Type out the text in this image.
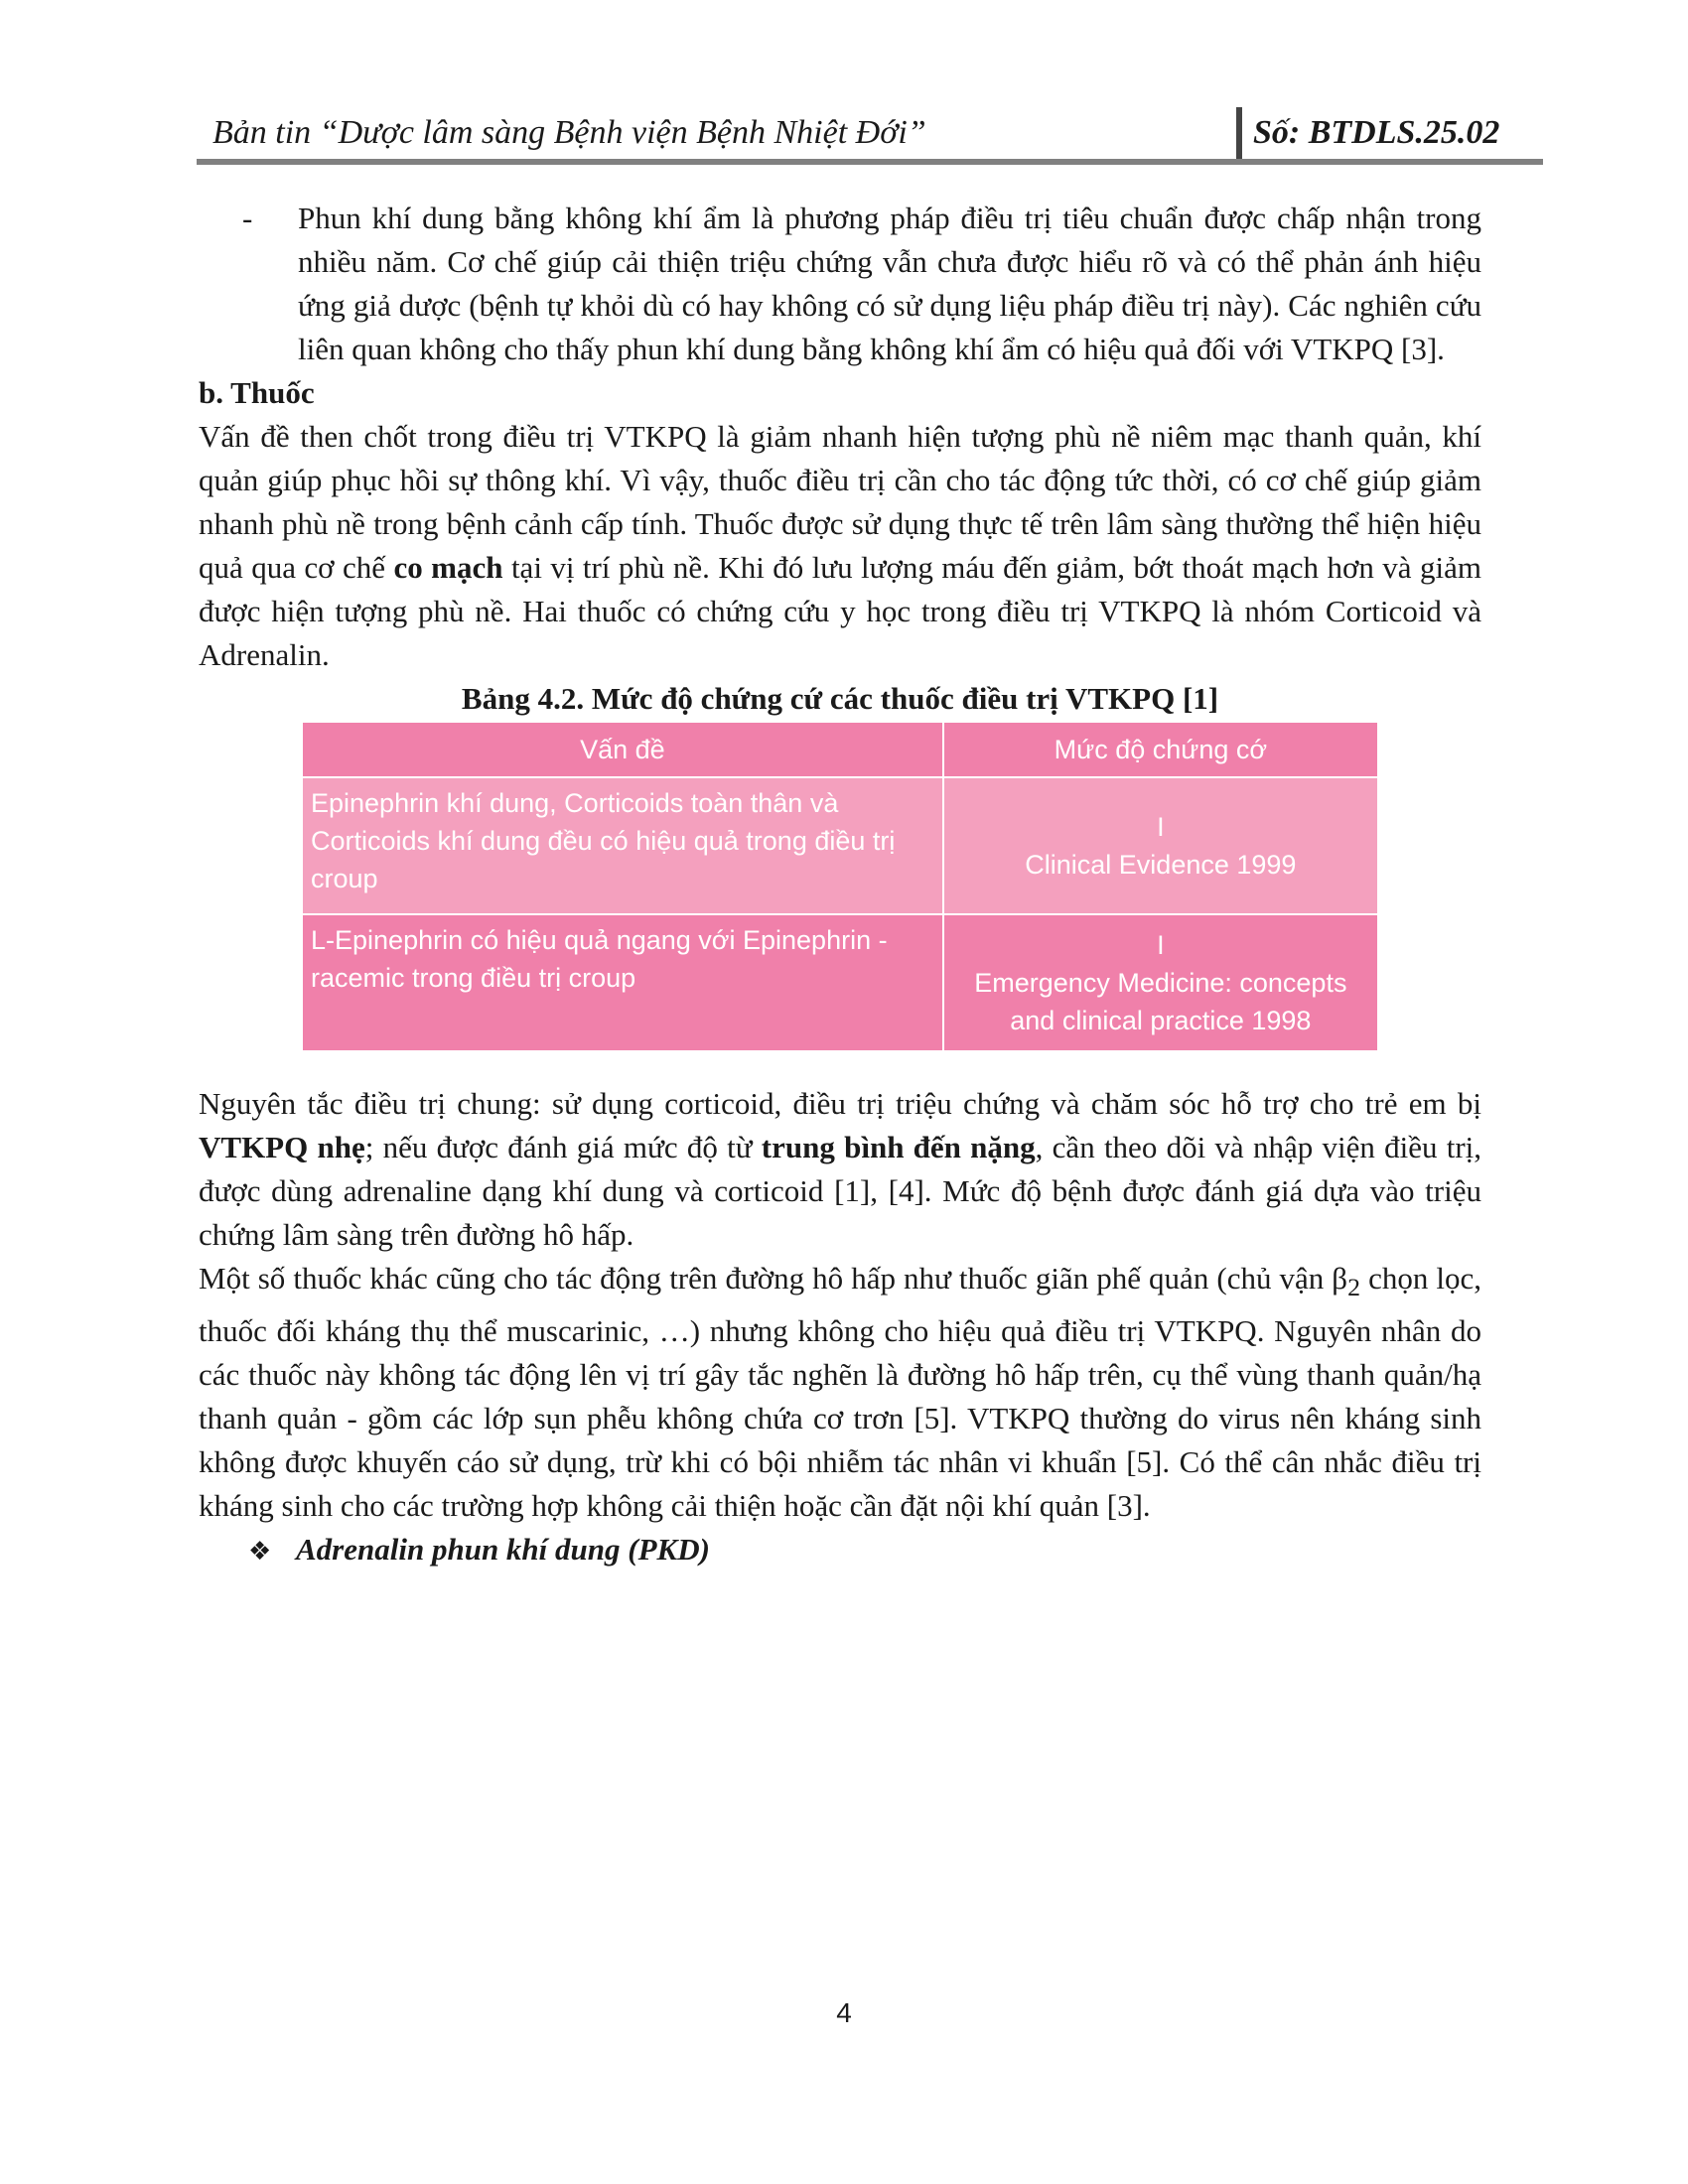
Bản tin “Dược lâm sàng Bệnh viện Bệnh Nhiệt Đới”	Số: BTDLS.25.02

- Phun khí dung bằng không khí ẩm là phương pháp điều trị tiêu chuẩn được chấp nhận trong nhiều năm. Cơ chế giúp cải thiện triệu chứng vẫn chưa được hiểu rõ và có thể phản ánh hiệu ứng giả dược (bệnh tự khỏi dù có hay không có sử dụng liệu pháp điều trị này). Các nghiên cứu liên quan không cho thấy phun khí dung bằng không khí ẩm có hiệu quả đối với VTKPQ [3].

b. Thuốc

Vấn đề then chốt trong điều trị VTKPQ là giảm nhanh hiện tượng phù nề niêm mạc thanh quản, khí quản giúp phục hồi sự thông khí. Vì vậy, thuốc điều trị cần cho tác động tức thời, có cơ chế giúp giảm nhanh phù nề trong bệnh cảnh cấp tính. Thuốc được sử dụng thực tế trên lâm sàng thường thể hiện hiệu quả qua cơ chế co mạch tại vị trí phù nề. Khi đó lưu lượng máu đến giảm, bớt thoát mạch hơn và giảm được hiện tượng phù nề. Hai thuốc có chứng cứu y học trong điều trị VTKPQ là nhóm Corticoid và Adrenalin.

Bảng 4.2. Mức độ chứng cứ các thuốc điều trị VTKPQ [1]

Vấn đề	Mức độ chứng cớ
Epinephrin khí dung, Corticoids toàn thân và Corticoids khí dung đều có hiệu quả trong điều trị croup	I
Clinical Evidence 1999

L-Epinephrin có hiệu quả ngang với Epinephrin -racemic trong điều trị croup	I
Emergency Medicine: concepts and clinical practice 1998

Nguyên tắc điều trị chung: sử dụng corticoid, điều trị triệu chứng và chăm sóc hỗ trợ cho trẻ em bị VTKPQ nhẹ; nếu được đánh giá mức độ từ trung bình đến nặng, cần theo dõi và nhập viện điều trị, được dùng adrenaline dạng khí dung và corticoid [1], [4]. Mức độ bệnh được đánh giá dựa vào triệu chứng lâm sàng trên đường hô hấp.

Một số thuốc khác cũng cho tác động trên đường hô hấp như thuốc giãn phế quản (chủ vận $\beta_2$ chọn lọc, thuốc đối kháng thụ thể muscarinic, …) nhưng không cho hiệu quả điều trị VTKPQ. Nguyên nhân do các thuốc này không tác động lên vị trí gây tắc nghẽn là đường hô hấp trên, cụ thể vùng thanh quản/hạ thanh quản - gồm các lớp sụn phễu không chứa cơ trơn [5]. VTKPQ thường do virus nên kháng sinh không được khuyến cáo sử dụng, trừ khi có bội nhiễm tác nhân vi khuẩn [5]. Có thể cân nhắc điều trị kháng sinh cho các trường hợp không cải thiện hoặc cần đặt nội khí quản [3].

❖ Adrenalin phun khí dung (PKD)

4
